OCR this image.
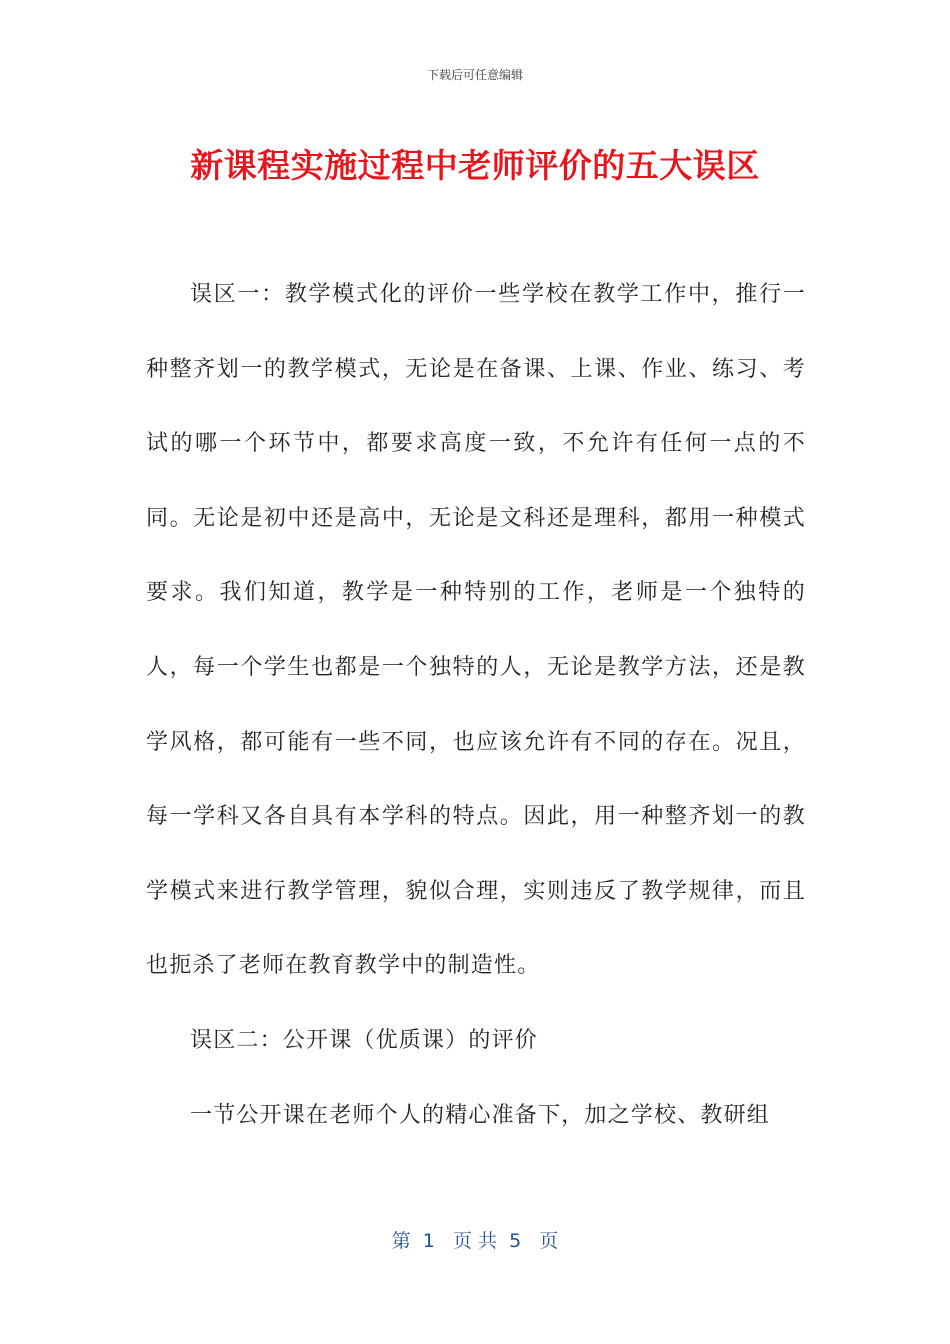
下载后可任意编辑
新课程实施过程中老师评价的五大误区

误区一：教学模式化的评价一些学校在教学工作中，推行一种整齐划一的教学模式，无论是在备课、上课、作业、练习、考试的哪一个环节中，都要求高度一致，不允许有任何一点的不同。无论是初中还是高中，无论是文科还是理科，都用一种模式要求。我们知道，教学是一种特别的工作，老师是一个独特的人，每一个学生也都是一个独特的人，无论是教学方法，还是教学风格，都可能有一些不同，也应该允许有不同的存在。况且，每一学科又各自具有本学科的特点。因此，用一种整齐划一的教学模式来进行教学管理，貌似合理，实则违反了教学规律，而且也扼杀了老师在教育教学中的制造性。

误区二：公开课（优质课）的评价

一节公开课在老师个人的精心准备下，加之学校、教研组

第  1   页 共  5   页
